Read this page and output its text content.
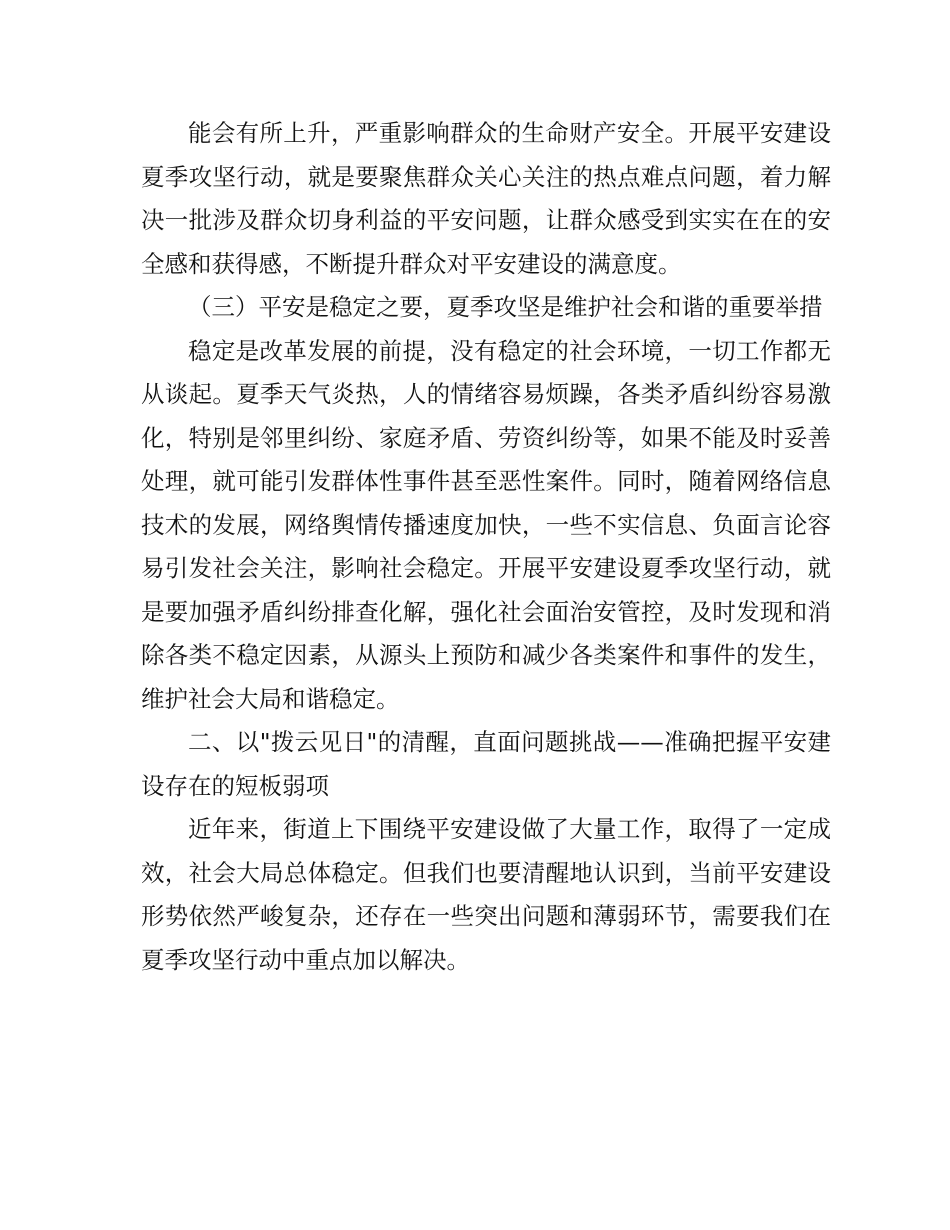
能会有所上升，严重影响群众的生命财产安全。开展平安建设夏季攻坚行动，就是要聚焦群众关心关注的热点难点问题，着力解决一批涉及群众切身利益的平安问题，让群众感受到实实在在的安全感和获得感，不断提升群众对平安建设的满意度。

（三）平安是稳定之要，夏季攻坚是维护社会和谐的重要举措

稳定是改革发展的前提，没有稳定的社会环境，一切工作都无从谈起。夏季天气炎热，人的情绪容易烦躁，各类矛盾纠纷容易激化，特别是邻里纠纷、家庭矛盾、劳资纠纷等，如果不能及时妥善处理，就可能引发群体性事件甚至恶性案件。同时，随着网络信息技术的发展，网络舆情传播速度加快，一些不实信息、负面言论容易引发社会关注，影响社会稳定。开展平安建设夏季攻坚行动，就是要加强矛盾纠纷排查化解，强化社会面治安管控，及时发现和消除各类不稳定因素，从源头上预防和减少各类案件和事件的发生，维护社会大局和谐稳定。

二、以"拨云见日"的清醒，直面问题挑战——准确把握平安建设存在的短板弱项

近年来，街道上下围绕平安建设做了大量工作，取得了一定成效，社会大局总体稳定。但我们也要清醒地认识到，当前平安建设形势依然严峻复杂，还存在一些突出问题和薄弱环节，需要我们在夏季攻坚行动中重点加以解决。
